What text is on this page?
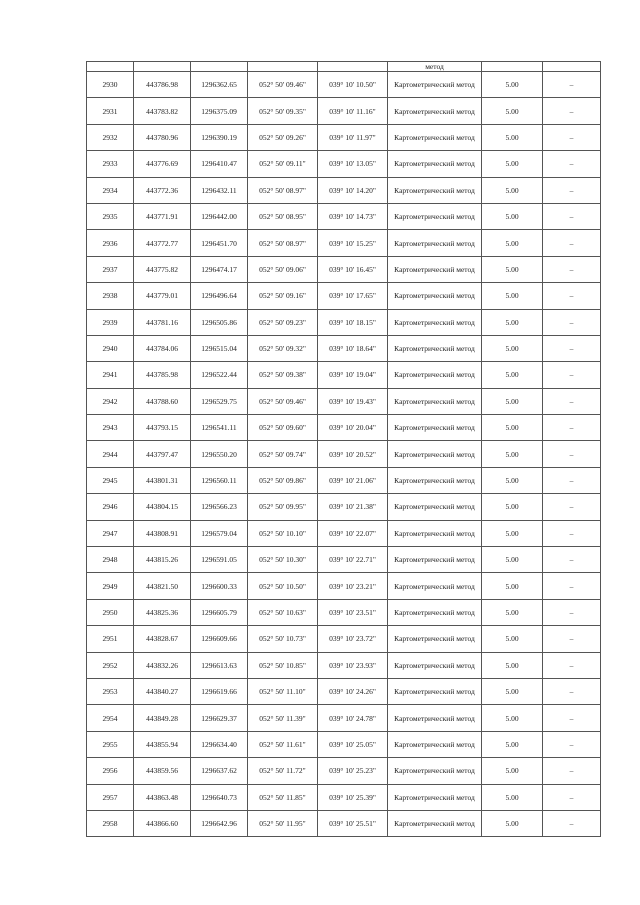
					метод		
2930	443786.98	1296362.65	052° 50' 09.46"	039° 10' 10.50"	Картометрический метод	5.00	–
2931	443783.82	1296375.09	052° 50' 09.35"	039° 10' 11.16"	Картометрический метод	5.00	–
2932	443780.96	1296390.19	052° 50' 09.26"	039° 10' 11.97"	Картометрический метод	5.00	–
2933	443776.69	1296410.47	052° 50' 09.11"	039° 10' 13.05"	Картометрический метод	5.00	–
2934	443772.36	1296432.11	052° 50' 08.97"	039° 10' 14.20"	Картометрический метод	5.00	–
2935	443771.91	1296442.00	052° 50' 08.95"	039° 10' 14.73"	Картометрический метод	5.00	–
2936	443772.77	1296451.70	052° 50' 08.97"	039° 10' 15.25"	Картометрический метод	5.00	–
2937	443775.82	1296474.17	052° 50' 09.06"	039° 10' 16.45"	Картометрический метод	5.00	–
2938	443779.01	1296496.64	052° 50' 09.16"	039° 10' 17.65"	Картометрический метод	5.00	–
2939	443781.16	1296505.86	052° 50' 09.23"	039° 10' 18.15"	Картометрический метод	5.00	–
2940	443784.06	1296515.04	052° 50' 09.32"	039° 10' 18.64"	Картометрический метод	5.00	–
2941	443785.98	1296522.44	052° 50' 09.38"	039° 10' 19.04"	Картометрический метод	5.00	–
2942	443788.60	1296529.75	052° 50' 09.46"	039° 10' 19.43"	Картометрический метод	5.00	–
2943	443793.15	1296541.11	052° 50' 09.60"	039° 10' 20.04"	Картометрический метод	5.00	–
2944	443797.47	1296550.20	052° 50' 09.74"	039° 10' 20.52"	Картометрический метод	5.00	–
2945	443801.31	1296560.11	052° 50' 09.86"	039° 10' 21.06"	Картометрический метод	5.00	–
2946	443804.15	1296566.23	052° 50' 09.95"	039° 10' 21.38"	Картометрический метод	5.00	–
2947	443808.91	1296579.04	052° 50' 10.10"	039° 10' 22.07"	Картометрический метод	5.00	–
2948	443815.26	1296591.05	052° 50' 10.30"	039° 10' 22.71"	Картометрический метод	5.00	–
2949	443821.50	1296600.33	052° 50' 10.50"	039° 10' 23.21"	Картометрический метод	5.00	–
2950	443825.36	1296605.79	052° 50' 10.63"	039° 10' 23.51"	Картометрический метод	5.00	–
2951	443828.67	1296609.66	052° 50' 10.73"	039° 10' 23.72"	Картометрический метод	5.00	–
2952	443832.26	1296613.63	052° 50' 10.85"	039° 10' 23.93"	Картометрический метод	5.00	–
2953	443840.27	1296619.66	052° 50' 11.10"	039° 10' 24.26"	Картометрический метод	5.00	–
2954	443849.28	1296629.37	052° 50' 11.39"	039° 10' 24.78"	Картометрический метод	5.00	–
2955	443855.94	1296634.40	052° 50' 11.61"	039° 10' 25.05"	Картометрический метод	5.00	–
2956	443859.56	1296637.62	052° 50' 11.72"	039° 10' 25.23"	Картометрический метод	5.00	–
2957	443863.48	1296640.73	052° 50' 11.85"	039° 10' 25.39"	Картометрический метод	5.00	–
2958	443866.60	1296642.96	052° 50' 11.95"	039° 10' 25.51"	Картометрический метод	5.00	–
